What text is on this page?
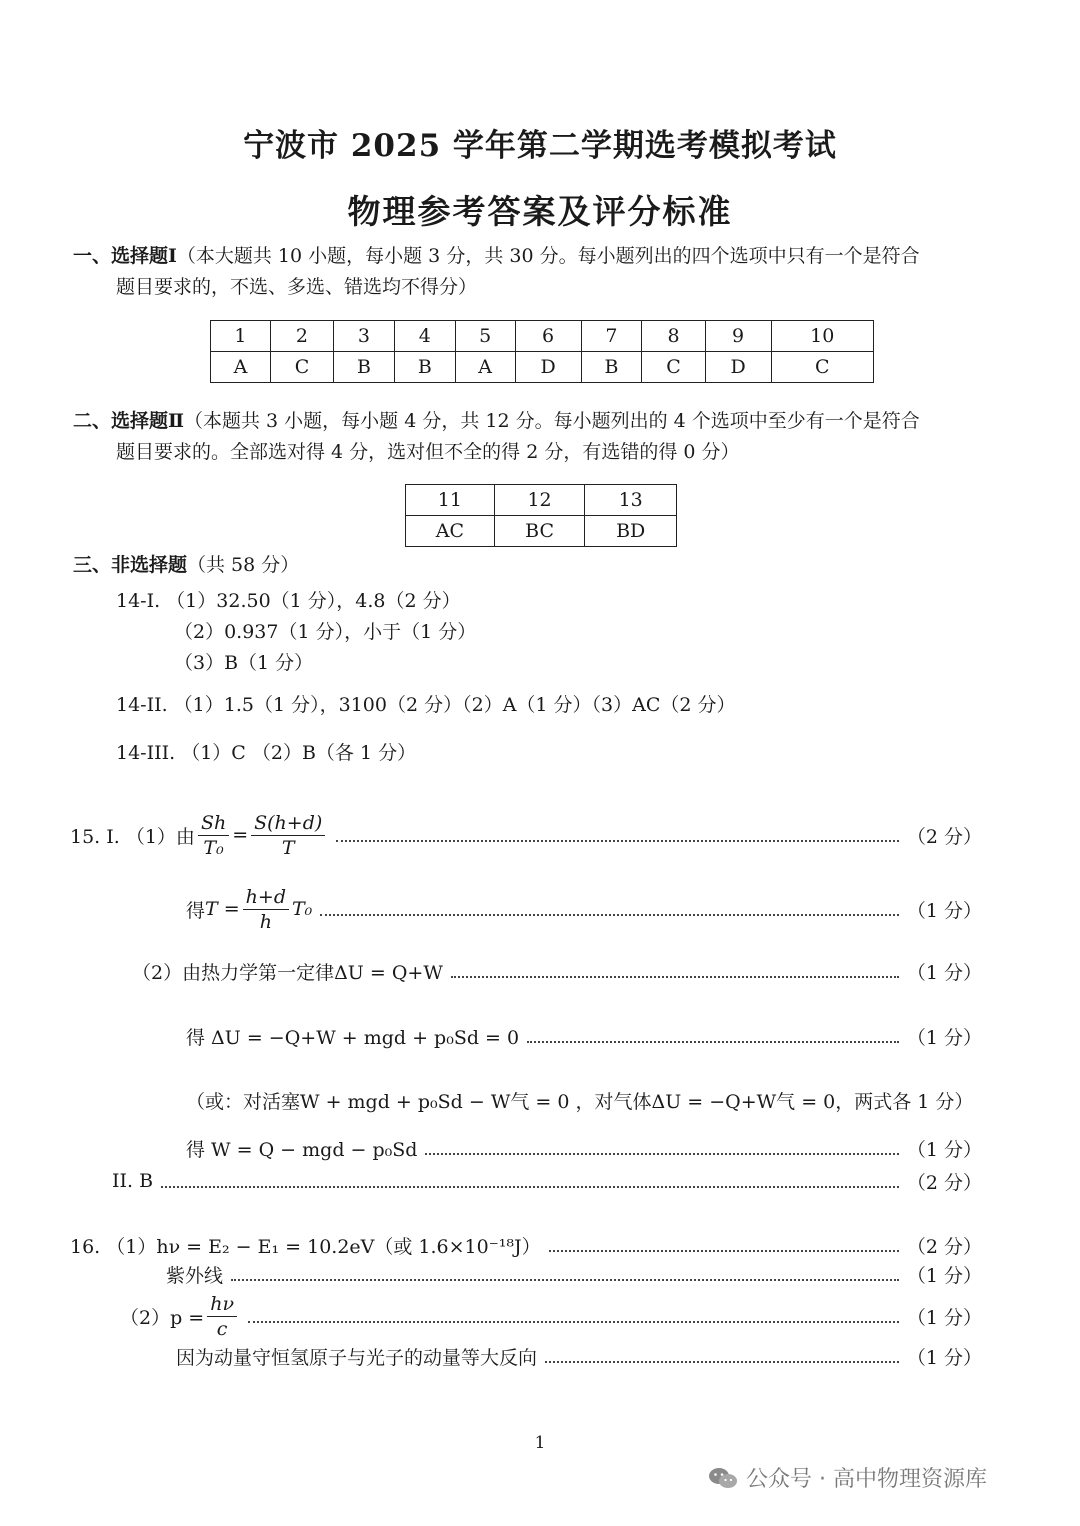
宁波市 2025 学年第二学期选考模拟考试
物理参考答案及评分标准
一、选择题Ⅰ（本大题共 10 小题，每小题 3 分，共 30 分。每小题列出的四个选项中只有一个是符合
题目要求的，不选、多选、错选均不得分）
1	2	3	4	5	6	7	8	9	10
A	C	B	B	A	D	B	C	D	C
二、选择题Ⅱ（本题共 3 小题，每小题 4 分，共 12 分。每小题列出的 4 个选项中至少有一个是符合
题目要求的。全部选对得 4 分，选对但不全的得 2 分，有选错的得 0 分）
11	12	13
AC	BC	BD
三、非选择题（共 58 分）
14-I. （1）32.50（1 分），4.8（2 分）
（2）0.937（1 分），小于（1 分）
（3）B（1 分）
14-II. （1）1.5（1 分），3100（2 分）（2）A（1 分）（3）AC（2 分）
14-III. （1）C （2）B（各 1 分）
15. I. （1）由 $\frac{Sh}{\text{T₀}} = \frac{S(h+d)}{T}$	（2 分）
得 $T = \frac{h+d}{h} T_0$	（1 分）
（2）由热力学第一定律ΔU = Q+W	（1 分）
得 ΔU = −Q+W + mgd + p₀Sd = 0	（1 分）
（或：对活塞W + mgd + p₀Sd − W气 = 0 ，对气体ΔU = −Q+W气 = 0，两式各 1 分）
得 W = Q − mgd − p₀Sd	（1 分）
II. B	（2 分）
16. （1）hν = E₂ − E₁ = 10.2eV（或 1.6×10⁻¹⁸J）	（2 分）
紫外线	（1 分）
$(2)p = \frac{h\nu}{c}$	（1 分）
因为动量守恒氢原子与光子的动量等大反向	（1 分）
1
公众号 · 高中物理资源库
